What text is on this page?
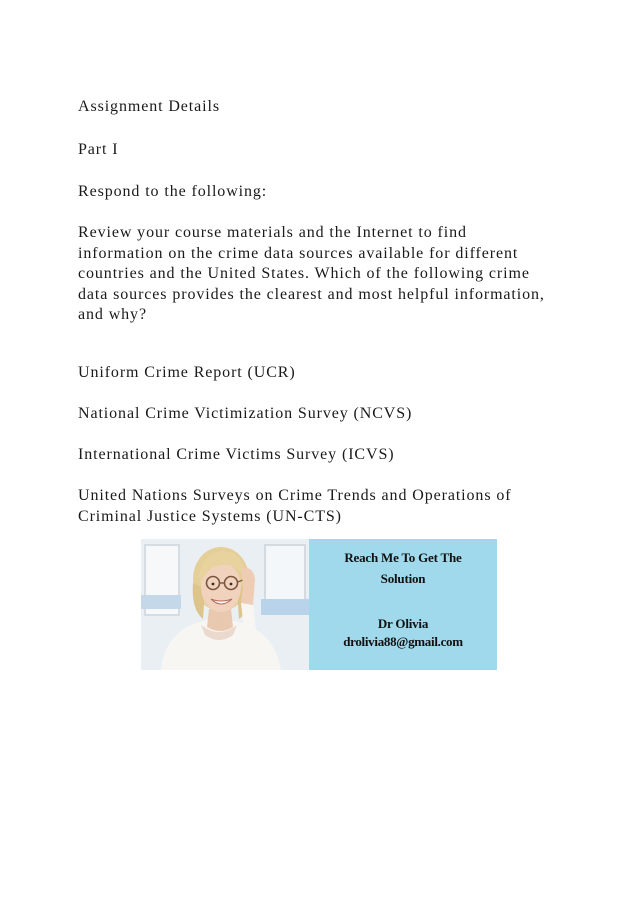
Assignment Details

Part I

Respond to the following:

Review your course materials and the Internet to find
information on the crime data sources available for different
countries and the United States. Which of the following crime
data sources provides the clearest and most helpful information,
and why?

Uniform Crime Report (UCR)

National Crime Victimization Survey (NCVS)

International Crime Victims Survey (ICVS)

United Nations Surveys on Crime Trends and Operations of
Criminal Justice Systems (UN-CTS)
Reach Me To Get The
Solution
Dr Olivia
drolivia88@gmail.com
